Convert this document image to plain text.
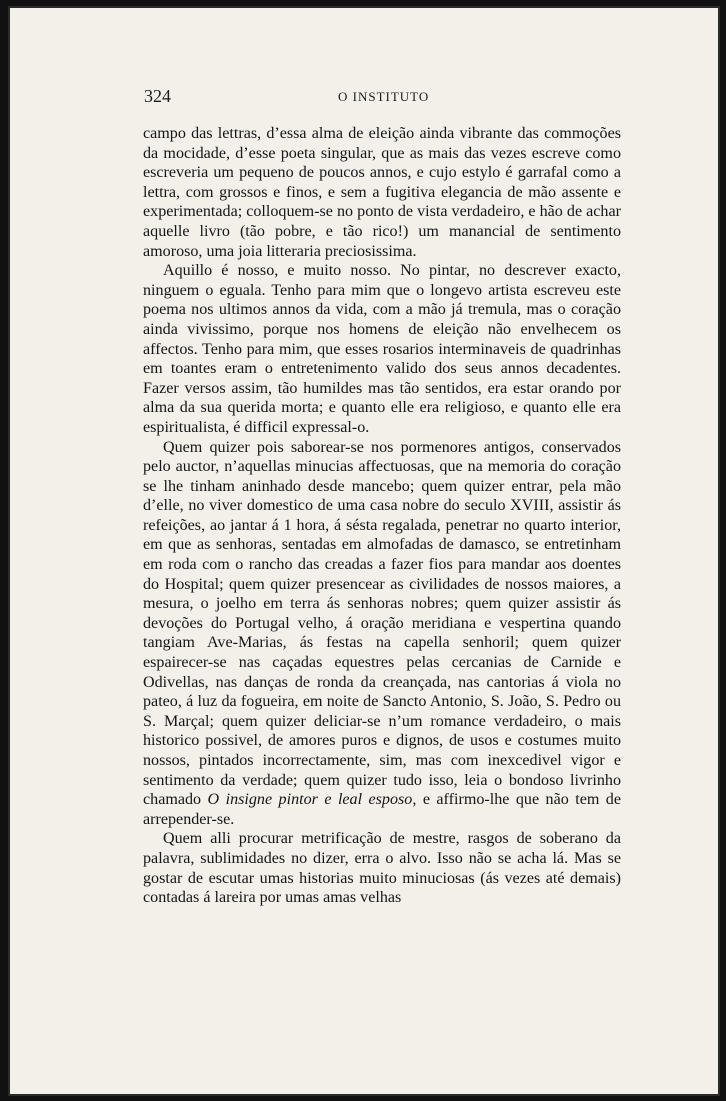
324	O INSTITUTO

campo das lettras, d’essa alma de eleição ainda vibrante das commoções da mocidade, d’esse poeta singular, que as mais das vezes escreve como escreveria um pequeno de poucos annos, e cujo estylo é garrafal como a lettra, com grossos e finos, e sem a fugitiva elegancia de mão assente e experimentada; colloquem-se no ponto de vista verdadeiro, e hão de achar aquelle livro (tão pobre, e tão rico!) um manancial de sentimento amoroso, uma joia litteraria preciosissima.

Aquillo é nosso, e muito nosso. No pintar, no descrever exacto, ninguem o eguala. Tenho para mim que o longevo artista escreveu este poema nos ultimos annos da vida, com a mão já tremula, mas o coração ainda vivissimo, porque nos homens de eleição não envelhecem os affectos. Tenho para mim, que esses rosarios interminaveis de quadrinhas em toantes eram o entretenimento valido dos seus annos decadentes. Fazer versos assim, tão humildes mas tão sentidos, era estar orando por alma da sua querida morta; e quanto elle era religioso, e quanto elle era espiritualista, é difficil expressal-o.

Quem quizer pois saborear-se nos pormenores antigos, conservados pelo auctor, n’aquellas minucias affectuosas, que na memoria do coração se lhe tinham aninhado desde mancebo; quem quizer entrar, pela mão d’elle, no viver domestico de uma casa nobre do seculo XVIII, assistir ás refeições, ao jantar á 1 hora, á sésta regalada, penetrar no quarto interior, em que as senhoras, sentadas em almofadas de damasco, se entretinham em roda com o rancho das creadas a fazer fios para mandar aos doentes do Hospital; quem quizer presencear as civilidades de nossos maiores, a mesura, o joelho em terra ás senhoras nobres; quem quizer assistir ás devoções do Portugal velho, á oração meridiana e vespertina quando tangiam Ave-Marias, ás festas na capella senhoril; quem quizer espairecer-se nas caçadas equestres pelas cercanias de Carnide e Odivellas, nas danças de ronda da creançada, nas cantorias á viola no pateo, á luz da fogueira, em noite de Sancto Antonio, S. João, S. Pedro ou S. Marçal; quem quizer deliciar-se n’um romance verdadeiro, o mais historico possivel, de amores puros e dignos, de usos e costumes muito nossos, pintados incorrectamente, sim, mas com inexcedivel vigor e sentimento da verdade; quem quizer tudo isso, leia o bondoso livrinho chamado O insigne pintor e leal esposo, e affirmo-lhe que não tem de arrepender-se.

Quem alli procurar metrificação de mestre, rasgos de soberano da palavra, sublimidades no dizer, erra o alvo. Isso não se acha lá. Mas se gostar de escutar umas historias muito minuciosas (ás vezes até demais) contadas á lareira por umas amas velhas
